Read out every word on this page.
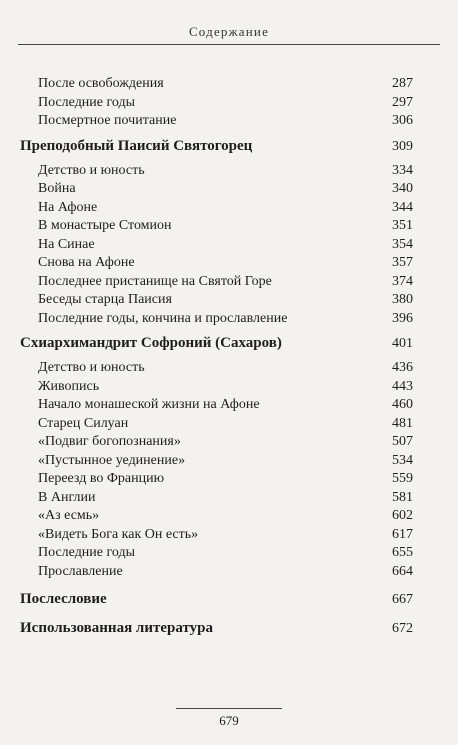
Содержание
После освобождения	287
Последние годы	297
Посмертное почитание	306
Преподобный Паисий Святогорец	309
Детство и юность	334
Война	340
На Афоне	344
В монастыре Стомион	351
На Синае	354
Снова на Афоне	357
Последнее пристанище на Святой Горе	374
Беседы старца Паисия	380
Последние годы, кончина и прославление	396
Схиархимандрит Софроний (Сахаров)	401
Детство и юность	436
Живопись	443
Начало монашеской жизни на Афоне	460
Старец Силуан	481
«Подвиг богопознания»	507
«Пустынное уединение»	534
Переезд во Францию	559
В Англии	581
«Аз есмь»	602
«Видеть Бога как Он есть»	617
Последние годы	655
Прославление	664
Послесловие	667
Использованная литература	672
679
